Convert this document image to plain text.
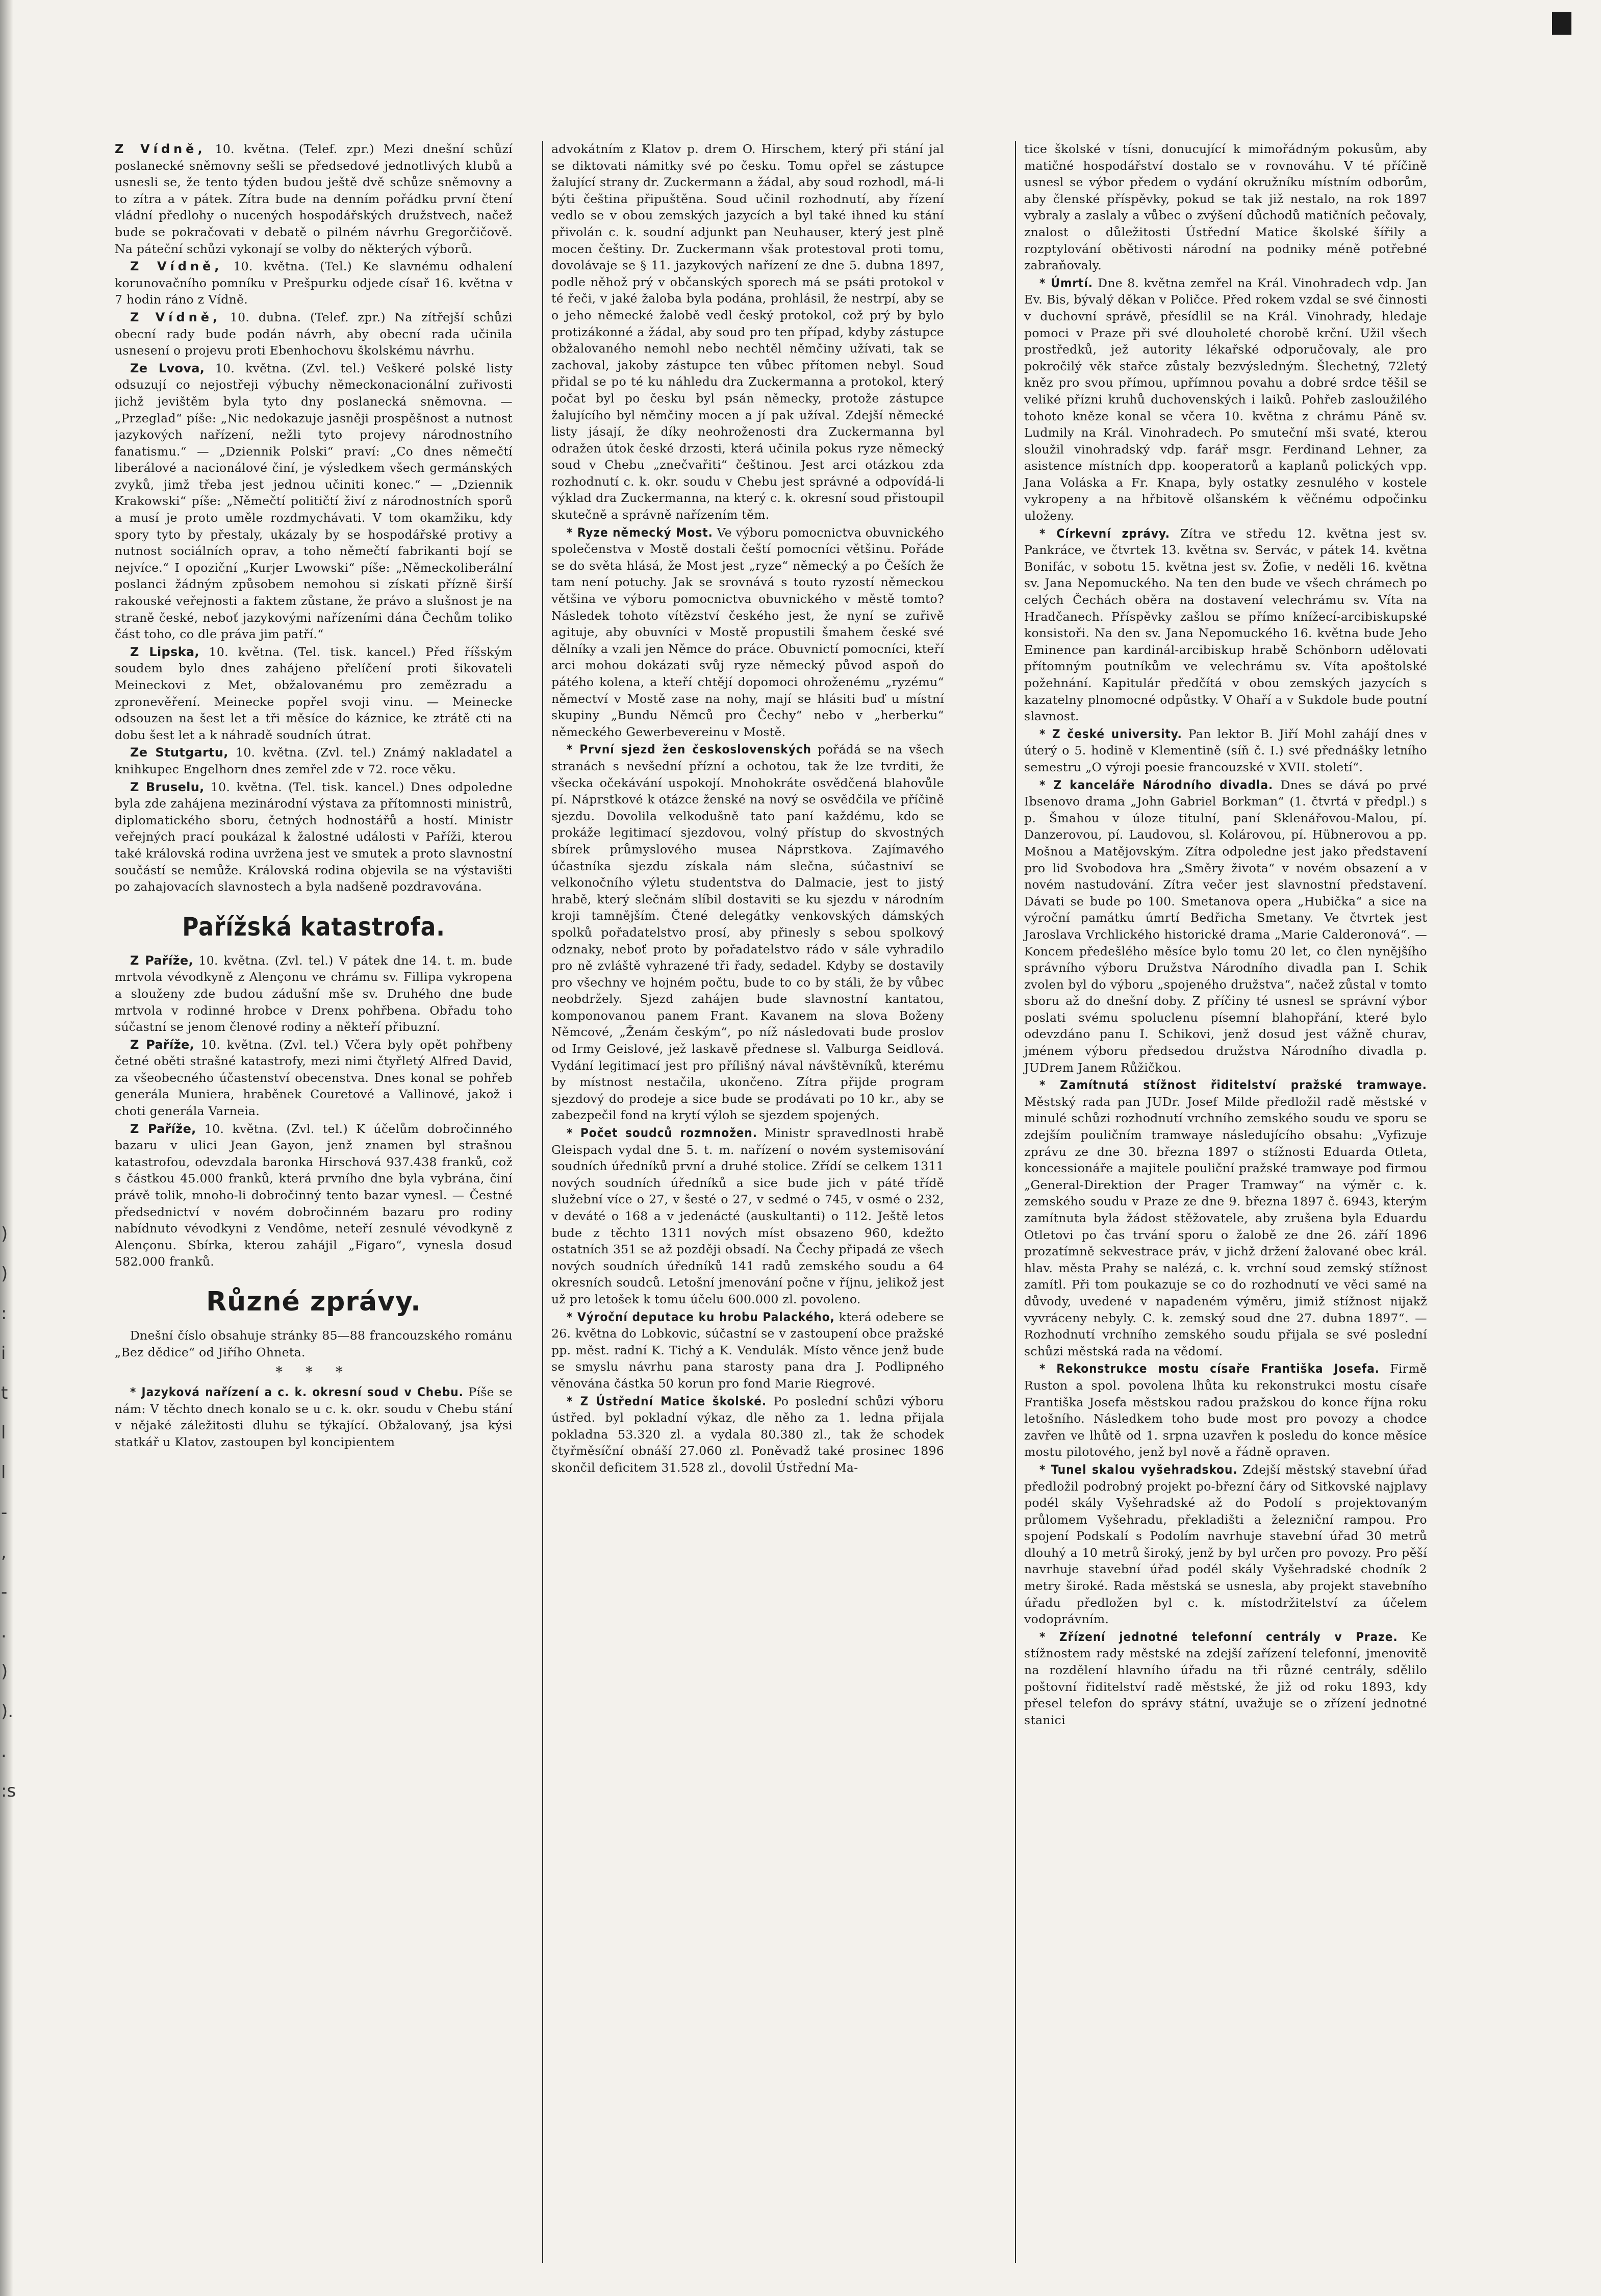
)
)
:
i
t
l
l
-
,
-
.
)
).
.
:s

Z Vídně, 10. května. (Telef. zpr.) Mezi dnešní schůzí poslanecké sněmovny sešli se předsedové jednotlivých klubů a usnesli se, že tento týden budou ještě dvě schůze sněmovny a to zítra a v pátek. Zítra bude na denním pořádku první čtení vládní předlohy o nucených hospodářských družstvech, načež bude se pokračovati v debatě o pilném návrhu Gregorčičově. Na páteční schůzi vykonají se volby do některých výborů.

Z Vídně, 10. května. (Tel.) Ke slavnému odhalení korunovačního pomníku v Prešpurku odjede císař 16. května v 7 hodin ráno z Vídně.

Z Vídně, 10. dubna. (Telef. zpr.) Na zítřejší schůzi obecní rady bude podán návrh, aby obecní rada učinila usnesení o projevu proti Ebenhochovu školskému návrhu.

Ze Lvova, 10. května. (Zvl. tel.) Veškeré polské listy odsuzují co nejostřeji výbuchy německonacionální zuřivosti jichž jevištěm byla tyto dny poslanecká sněmovna. — „Przeglad“ píše: „Nic nedokazuje jasněji prospěšnost a nutnost jazykových nařízení, nežli tyto projevy národnostního fanatismu.“ — „Dziennik Polski“ praví: „Co dnes němečtí liberálové a nacionálové činí, je výsledkem všech germánských zvyků, jimž třeba jest jednou učiniti konec.“ — „Dziennik Krakowski“ píše: „Němečtí političtí živí z národnostních sporů a musí je proto uměle rozdmychávati. V tom okamžiku, kdy spory tyto by přestaly, ukázaly by se hospodářské protivy a nutnost sociálních oprav, a toho němečtí fabrikanti bojí se nejvíce.“ I opoziční „Kurjer Lwowski“ píše: „Německoliberální poslanci žádným způsobem nemohou si získati přízně širší rakouské veřejnosti a faktem zůstane, že právo a slušnost je na straně české, neboť jazykovými nařízeními dána Čechům toliko část toho, co dle práva jim patří.“

Z Lipska, 10. května. (Tel. tisk. kancel.) Před říšským soudem bylo dnes zahájeno přelíčení proti šikovateli Meineckovi z Met, obžalovanému pro zemězradu a zpronevěření. Meinecke popřel svoji vinu. — Meinecke odsouzen na šest let a tři měsíce do káznice, ke ztrátě cti na dobu šest let a k náhradě soudních útrat.

Ze Stutgartu, 10. května. (Zvl. tel.) Známý nakladatel a knihkupec Engelhorn dnes zemřel zde v 72. roce věku.

Z Bruselu, 10. května. (Tel. tisk. kancel.) Dnes odpoledne byla zde zahájena mezinárodní výstava za přítomnosti ministrů, diplomatického sboru, četných hodnostářů a hostí. Ministr veřejných prací poukázal k žalostné události v Paříži, kterou také královská rodina uvržena jest ve smutek a proto slavnostní součástí se nemůže. Královská rodina objevila se na výstavišti po zahajovacích slavnostech a byla nadšeně pozdravována.

Pařížská katastrofa.

Z Paříže, 10. května. (Zvl. tel.) V pátek dne 14. t. m. bude mrtvola vévodkyně z Alençonu ve chrámu sv. Fillipa vykropena a slouženy zde budou zádušní mše sv. Druhého dne bude mrtvola v rodinné hrobce v Drenx pohřbena. Obřadu toho súčastní se jenom členové rodiny a někteří přibuzní.

Z Paříže, 10. května. (Zvl. tel.) Včera byly opět pohřbeny četné oběti strašné katastrofy, mezi nimi čtyřletý Alfred David, za všeobecného účastenství obecenstva. Dnes konal se pohřeb generála Muniera, hraběnek Couretové a Vallinové, jakož i choti generála Varneia.

Z Paříže, 10. května. (Zvl. tel.) K účelům dobročinného bazaru v ulici Jean Gayon, jenž znamen byl strašnou katastrofou, odevzdala baronka Hirschová 937.438 franků, což s částkou 45.000 franků, která prvního dne byla vybrána, činí právě tolik, mnoho-li dobročinný tento bazar vynesl. — Čestné předsednictví v novém dobročinném bazaru pro rodiny nabídnuto vévodkyni z Vendôme, neteří zesnulé vévodkyně z Alençonu. Sbírka, kterou zahájil „Figaro“, vynesla dosud 582.000 franků.

Různé zprávy.

Dnešní číslo obsahuje stránky 85—88 francouzského románu „Bez dědice“ od Jiřího Ohneta.

* * *

* Jazyková nařízení a c. k. okresní soud v Chebu. Píše se nám: V těchto dnech konalo se u c. k. okr. soudu v Chebu stání v nějaké záležitosti dluhu se týkající. Obžalovaný, jsa kýsi statkář u Klatov, zastoupen byl koncipientem

advokátním z Klatov p. drem O. Hirschem, který při stání jal se diktovati námitky své po česku. Tomu opřel se zástupce žalující strany dr. Zuckermann a žádal, aby soud rozhodl, má-li býti čeština připuštěna. Soud učinil rozhodnutí, aby řízení vedlo se v obou zemských jazycích a byl také ihned ku stání přivolán c. k. soudní adjunkt pan Neuhauser, který jest plně mocen češtiny. Dr. Zuckermann však protestoval proti tomu, dovolávaje se § 11. jazykových nařízení ze dne 5. dubna 1897, podle něhož prý v občanských sporech má se psáti protokol v té řeči, v jaké žaloba byla podána, prohlásil, že nestrpí, aby se o jeho německé žalobě vedl český protokol, což prý by bylo protizákonné a žádal, aby soud pro ten případ, kdyby zástupce obžalovaného nemohl nebo nechtěl němčiny užívati, tak se zachoval, jakoby zástupce ten vůbec přítomen nebyl. Soud přidal se po té ku náhledu dra Zuckermanna a protokol, který počat byl po česku byl psán německy, protože zástupce žalujícího byl němčiny mocen a jí pak užíval. Zdejší německé listy jásají, že díky neohroženosti dra Zuckermanna byl odražen útok české drzosti, která učinila pokus ryze německý soud v Chebu „znečvařiti“ češtinou. Jest arci otázkou zda rozhodnutí c. k. okr. soudu v Chebu jest správné a odpovídá-li výklad dra Zuckermanna, na který c. k. okresní soud přistoupil skutečně a správně nařízením těm.

* Ryze německý Most. Ve výboru pomocnictva obuvnického společenstva v Mostě dostali čeští pomocníci většinu. Pořáde se do světa hlásá, že Most jest „ryze“ německý a po Češích že tam není potuchy. Jak se srovnává s touto ryzostí německou většina ve výboru pomocnictva obuvnického v městě tomto? Následek tohoto vítězství českého jest, že nyní se zuřivě agituje, aby obuvníci v Mostě propustili šmahem české své dělníky a vzali jen Němce do práce. Obuvnictí pomocníci, kteří arci mohou dokázati svůj ryze německý původ aspoň do pátého kolena, a kteří chtějí dopomoci ohroženému „ryzému“ němectví v Mostě zase na nohy, mají se hlásiti buď u místní skupiny „Bundu Němců pro Čechy“ nebo v „herberku“ německého Gewerbevereinu v Mostě.

* První sjezd žen československých pořádá se na všech stranách s nevšední přízní a ochotou, tak že lze tvrditi, že všecka očekávání uspokojí. Mnohokráte osvědčená blahovůle pí. Náprstkové k otázce ženské na nový se osvědčila ve příčině sjezdu. Dovolila velkodušně tato paní každému, kdo se prokáže legitimací sjezdovou, volný přístup do skvostných sbírek průmyslového musea Náprstkova. Zajímavého účastníka sjezdu získala nám slečna, súčastniví se velkonočního výletu studentstva do Dalmacie, jest to jistý hrabě, který slečnám slíbil dostaviti se ku sjezdu v národním kroji tamnějším. Čtené delegátky venkovských dámských spolků pořadatelstvo prosí, aby přinesly s sebou spolkový odznaky, neboť proto by pořadatelstvo rádo v sále vyhradilo pro ně zvláště vyhrazené tři řady, sedadel. Kdyby se dostavily pro všechny ve hojném počtu, bude to co by stáli, že by vůbec neobdržely. Sjezd zahájen bude slavnostní kantatou, komponovanou panem Frant. Kavanem na slova Boženy Němcové, „Ženám českým“, po níž následovati bude proslov od Irmy Geislové, jež laskavě přednese sl. Valburga Seidlová. Vydání legitimací jest pro přílišný nával návštěvníků, kterému by místnost nestačila, ukončeno. Zítra přijde program sjezdový do prodeje a sice bude se prodávati po 10 kr., aby se zabezpečil fond na krytí výloh se sjezdem spojených.

* Počet soudců rozmnožen. Ministr spravedlnosti hrabě Gleispach vydal dne 5. t. m. nařízení o novém systemisování soudních úředníků první a druhé stolice. Zřídí se celkem 1311 nových soudních úředníků a sice bude jich v páté třídě služební více o 27, v šesté o 27, v sedmé o 745, v osmé o 232, v deváté o 168 a v jedenácté (auskultanti) o 112. Ještě letos bude z těchto 1311 nových míst obsazeno 960, kdežto ostatních 351 se až později obsadí. Na Čechy připadá ze všech nových soudních úředníků 141 radů zemského soudu a 64 okresních soudců. Letošní jmenování počne v říjnu, jelikož jest už pro letošek k tomu účelu 600.000 zl. povoleno.

* Výroční deputace ku hrobu Palackého, která odebere se 26. května do Lobkovic, súčastní se v zastoupení obce pražské pp. měst. radní K. Tichý a K. Vendulák. Místo věnce jenž bude se smyslu návrhu pana starosty pana dra J. Podlipného věnována částka 50 korun pro fond Marie Riegrové.

* Z Ústřední Matice školské. Po poslední schůzi výboru ústřed. byl pokladní výkaz, dle něho za 1. ledna přijala pokladna 53.320 zl. a vydala 80.380 zl., tak že schodek čtyřměsíční obnáší 27.060 zl. Poněvadž také prosinec 1896 skončil deficitem 31.528 zl., dovolil Ústřední Ma-

tice školské v tísni, donucující k mimořádným pokusům, aby matičné hospodářství dostalo se v rovnováhu. V té příčině usnesl se výbor předem o vydání okružníku místním odborům, aby členské příspěvky, pokud se tak již nestalo, na rok 1897 vybraly a zaslaly a vůbec o zvýšení důchodů matičních pečovaly, znalost o důležitosti Ústřední Matice školské šířily a rozptylování obětivosti národní na podniky méně potřebné zabraňovaly.

* Úmrtí. Dne 8. května zemřel na Král. Vinohradech vdp. Jan Ev. Bis, bývalý děkan v Poličce. Před rokem vzdal se své činnosti v duchovní správě, přesídlil se na Král. Vinohrady, hledaje pomoci v Praze při své dlouholeté chorobě krční. Užil všech prostředků, jež autority lékařské odporučovaly, ale pro pokročilý věk stařce zůstaly bezvýsledným. Šlechetný, 72letý kněz pro svou přímou, upřímnou povahu a dobré srdce těšil se veliké přízni kruhů duchovenských i laiků. Pohřeb zasloužilého tohoto kněze konal se včera 10. května z chrámu Páně sv. Ludmily na Král. Vinohradech. Po smuteční mši svaté, kterou sloužil vinohradský vdp. farář msgr. Ferdinand Lehner, za asistence místních dpp. kooperatorů a kaplanů polických vpp. Jana Voláska a Fr. Knapa, byly ostatky zesnulého v kostele vykropeny a na hřbitově olšanském k věčnému odpočinku uloženy.

* Církevní zprávy. Zítra ve středu 12. května jest sv. Pankráce, ve čtvrtek 13. května sv. Servác, v pátek 14. května Bonifác, v sobotu 15. května jest sv. Žofie, v neděli 16. května sv. Jana Nepomuckého. Na ten den bude ve všech chrámech po celých Čechách oběra na dostavení velechrámu sv. Víta na Hradčanech. Příspěvky zašlou se přímo knížecí-arcibiskupské konsistoři. Na den sv. Jana Nepomuckého 16. května bude Jeho Eminence pan kardinál-arcibiskup hrabě Schönborn udělovati přítomným poutníkům ve velechrámu sv. Víta apoštolské požehnání. Kapitulár předčítá v obou zemských jazycích s kazatelny plnomocné odpůstky. V Ohaří a v Sukdole bude poutní slavnost.

* Z české university. Pan lektor B. Jiří Mohl zahájí dnes v úterý o 5. hodině v Klementině (síň č. I.) své přednášky letního semestru „O výroji poesie francouzské v XVII. století“.

* Z kanceláře Národního divadla. Dnes se dává po prvé Ibsenovo drama „John Gabriel Borkman“ (1. čtvrtá v předpl.) s p. Šmahou v úloze titulní, paní Sklenářovou-Malou, pí. Danzerovou, pí. Laudovou, sl. Kolárovou, pí. Hübnerovou a pp. Mošnou a Matějovským. Zítra odpoledne jest jako představení pro lid Svobodova hra „Směry života“ v novém obsazení a v novém nastudování. Zítra večer jest slavnostní představení. Dávati se bude po 100. Smetanova opera „Hubička“ a sice na výroční památku úmrtí Bedřicha Smetany. Ve čtvrtek jest Jaroslava Vrchlického historické drama „Marie Calderonová“. — Koncem předešlého měsíce bylo tomu 20 let, co člen nynějšího správního výboru Družstva Národního divadla pan I. Schik zvolen byl do výboru „spojeného družstva“, načež zůstal v tomto sboru až do dnešní doby. Z příčiny té usnesl se správní výbor poslati svému spoluclenu písemní blahopřání, které bylo odevzdáno panu I. Schikovi, jenž dosud jest vážně churav, jménem výboru předsedou družstva Národního divadla p. JUDrem Janem Růžičkou.

* Zamítnutá stížnost řiditelství pražské tramwaye. Městský rada pan JUDr. Josef Milde předložil radě městské v minulé schůzi rozhodnutí vrchního zemského soudu ve sporu se zdejším pouličním tramwaye následujícího obsahu: „Vyfizuje zprávu ze dne 30. března 1897 o stížnosti Eduarda Otleta, koncessionáře a majitele pouliční pražské tramwaye pod firmou „General-Direktion der Prager Tramway“ na výměr c. k. zemského soudu v Praze ze dne 9. března 1897 č. 6943, kterým zamítnuta byla žádost stěžovatele, aby zrušena byla Eduardu Otletovi po čas trvání sporu o žalobě ze dne 26. září 1896 prozatímně sekvestrace práv, v jichž držení žalované obec král. hlav. města Prahy se nalézá, c. k. vrchní soud zemský stížnost zamítl. Při tom poukazuje se co do rozhodnutí ve věci samé na důvody, uvedené v napadeném výměru, jimiž stížnost nijakž vyvráceny nebyly. C. k. zemský soud dne 27. dubna 1897“. — Rozhodnutí vrchního zemského soudu přijala se své poslední schůzi městská rada na vědomí.

* Rekonstrukce mostu císaře Františka Josefa. Firmě Ruston a spol. povolena lhůta ku rekonstrukci mostu císaře Františka Josefa městskou radou pražskou do konce října roku letošního. Následkem toho bude most pro povozy a chodce zavřen ve lhůtě od 1. srpna uzavřen k posledu do konce měsíce mostu pilotového, jenž byl nově a řádně opraven.

* Tunel skalou vyšehradskou. Zdejší městský stavební úřad předložil podrobný projekt po-březní čáry od Sitkovské najplavy podél skály Vyšehradské až do Podolí s projektovaným průlomem Vyšehradu, překladišti a železniční rampou. Pro spojení Podskalí s Podolím navrhuje stavební úřad 30 metrů dlouhý a 10 metrů široký, jenž by byl určen pro povozy. Pro pěší navrhuje stavební úřad podél skály Vyšehradské chodník 2 metry široké. Rada městská se usnesla, aby projekt stavebního úřadu předložen byl c. k. místodržitelství za účelem vodoprávním.

* Zřízení jednotné telefonní centrály v Praze. Ke stížnostem rady městské na zdejší zařízení telefonní, jmenovitě na rozdělení hlavního úřadu na tři různé centrály, sdělilo poštovní řiditelství radě městské, že již od roku 1893, kdy přesel telefon do správy státní, uvažuje se o zřízení jednotné stanici
